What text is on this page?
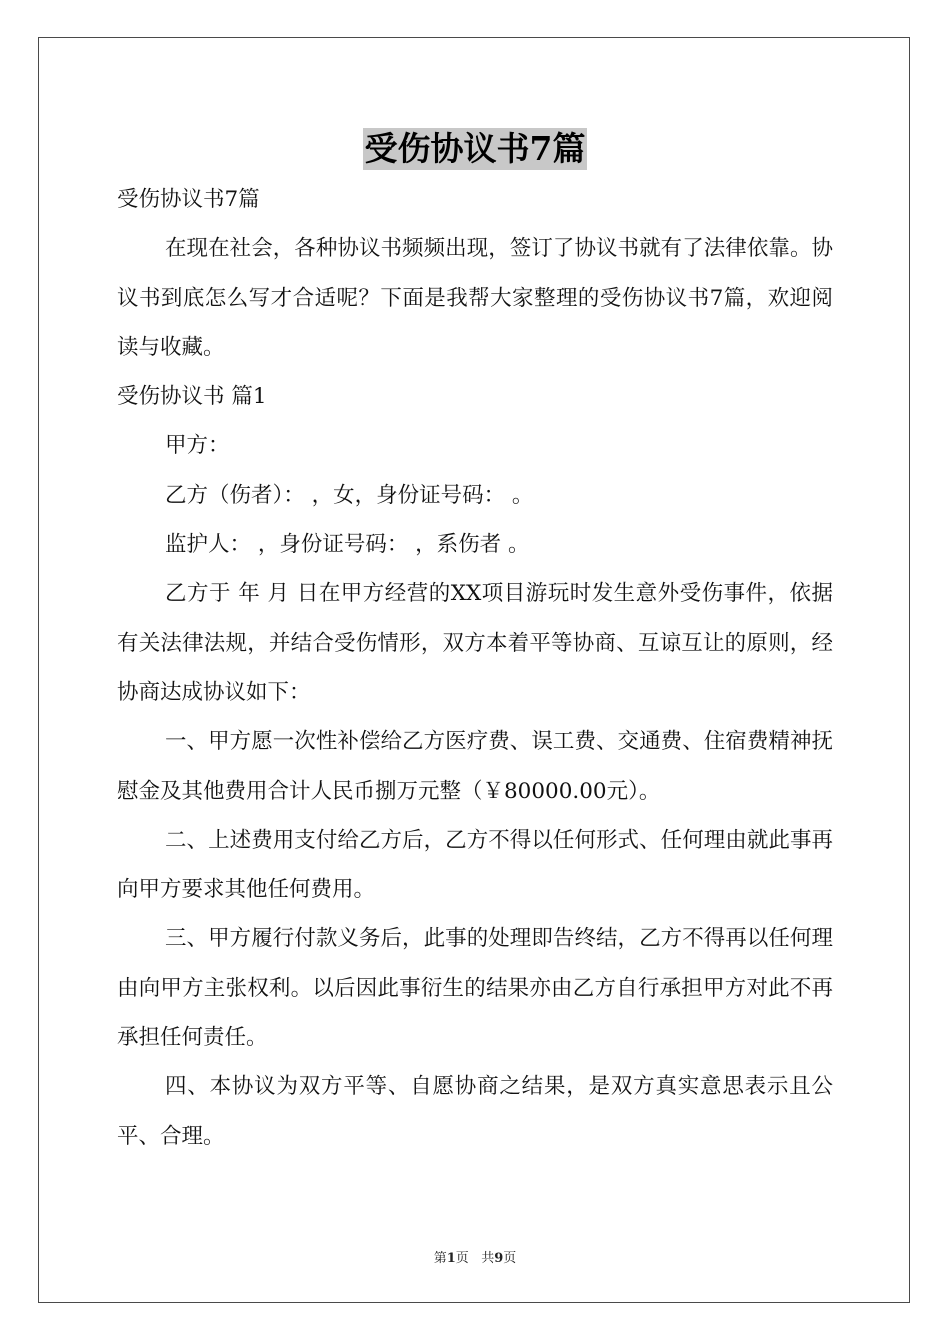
受伤协议书7篇

受伤协议书7篇

在现在社会，各种协议书频频出现，签订了协议书就有了法律依靠。协议书到底怎么写才合适呢？下面是我帮大家整理的受伤协议书7篇，欢迎阅读与收藏。

受伤协议书 篇1

甲方：

乙方（伤者）： ，女，身份证号码： 。

监护人： ，身份证号码： ，系伤者 。

乙方于 年 月 日在甲方经营的XX项目游玩时发生意外受伤事件，依据有关法律法规，并结合受伤情形，双方本着平等协商、互谅互让的原则，经协商达成协议如下：

一、甲方愿一次性补偿给乙方医疗费、误工费、交通费、住宿费精神抚慰金及其他费用合计人民币捌万元整（￥80000.00元）。

二、上述费用支付给乙方后，乙方不得以任何形式、任何理由就此事再向甲方要求其他任何费用。

三、甲方履行付款义务后，此事的处理即告终结，乙方不得再以任何理由向甲方主张权利。以后因此事衍生的结果亦由乙方自行承担甲方对此不再承担任何责任。

四、本协议为双方平等、自愿协商之结果，是双方真实意思表示且公平、合理。

第1页 共9页
